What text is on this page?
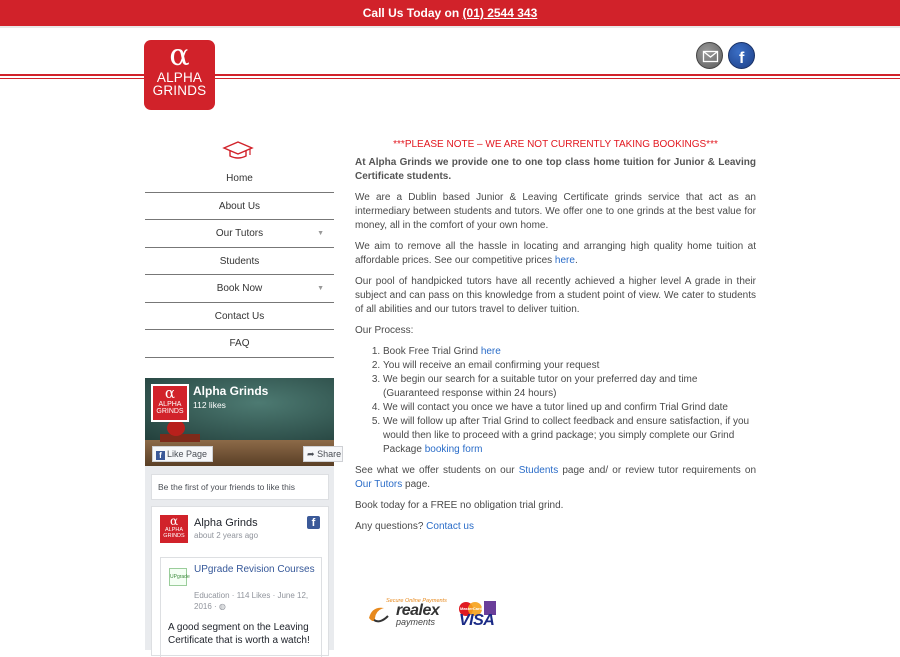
Call Us Today on (01) 2544 343
α
ALPHA
GRINDS
f
Home
About Us
Our Tutors	▼
Students
Book Now	▼
Contact Us
FAQ
α
ALPHA
GRINDS
Alpha Grinds
112 likes
f Like Page	➦ Share
Be the first of your friends to like this
α
ALPHA
GRINDS
Alpha Grinds
about 2 years ago
f
UPgrade
UPgrade Revision Courses
Education · 114 Likes · June 12, 2016 · ◍
A good segment on the Leaving Certificate that is worth a watch!

***PLEASE NOTE – WE ARE NOT CURRENTLY TAKING BOOKINGS***

At Alpha Grinds we provide one to one top class home tuition for Junior & Leaving Certificate students.

We are a Dublin based Junior & Leaving Certificate grinds service that act as an intermediary between students and tutors. We offer one to one grinds at the best value for money, all in the comfort of your own home.

We aim to remove all the hassle in locating and arranging high quality home tuition at affordable prices. See our competitive prices here.

Our pool of handpicked tutors have all recently achieved a higher level A grade in their subject and can pass on this knowledge from a student point of view. We cater to students of all abilities and our tutors travel to deliver tuition.

Our Process:

1. Book Free Trial Grind here
2. You will receive an email confirming your request
3. We begin our search for a suitable tutor on your preferred day and time (Guaranteed response within 24 hours)
4. We will contact you once we have a tutor lined up and confirm Trial Grind date
5. We will follow up after Trial Grind to collect feedback and ensure satisfaction, if you would then like to proceed with a grind package; you simply complete our Grind Package booking form

See what we offer students on our Students page and/ or review tutor requirements on Our Tutors page.

Book today for a FREE no obligation trial grind.

Any questions? Contact us

Secure Online Payments
realex
payments
MasterCard
VISA
